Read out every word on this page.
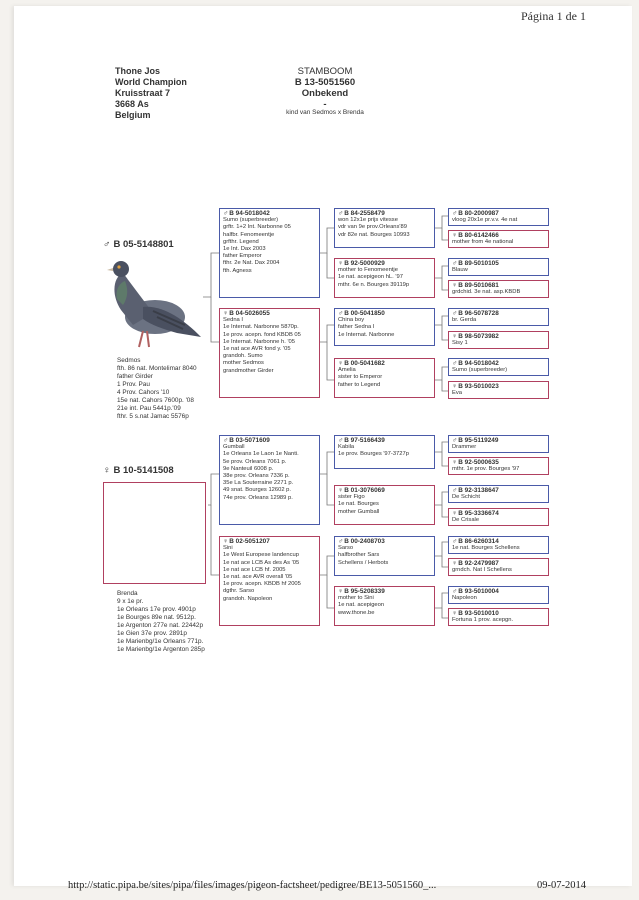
Página 1 de 1
Thone Jos
World Champion
Kruisstraat 7
3668 As
Belgium
STAMBOOM
B 13-5051560
Onbekend
-
kind van Sedmos x Brenda
♂ B 05-5148801
Sedmos
fth. 86 nat. Montelimar 8040
father Girder
1 Prov. Pau
4 Prov. Cahors '10
15e nat. Cahors 7600p. '08
21e int. Pau 5441p.'09
fthr. 5 s.nat Jamac 5576p
♀ B 10-5141508
Brenda
9 x 1e pr.
1e Orleans 17e prov. 4901p
1e Bourges 89e nat. 9512p.
1e Argenton 277e nat. 22442p
1e Gien 37e prov. 2891p
1e Marienbg/1e Orleans 771p.
1e Marienbg/1e Argenton 285p
♂B 94-5018042
Sumo (superbreeder)
grftr. 1+2 Int. Narbonne 05
halfbr. Fenomeentje
grfthr. Legend
1e Int. Dax 2003
father Emperor
fthr. 2e Nat. Dax 2004
fth. Agness
♀B 04-5026055
Sedna I
1e Internat. Narbonne 5870p.
1e prov. acepn. fond KBDB 05
1e Internat. Narbonne h. '05
1e nat ace AVR fond y. '05
grandoh. Sumo
mother Sedmos
grandmother Girder
♂B 03-5071609
Gumball
1e Orleans 1e Laon 1e Nanti.
5e prov. Orleans 7061 p.
9e Nanteuil 6008 p.
38e prov. Orleans 7336 p.
35e La Souterraine 2271 p.
49 snat. Bourges 12602 p.
74e prov. Orleans 12989 p.
♀B 02-5051207
Sini
1e West Europese landencup
1e nat ace LCB As des As '05
1e nat ace LCB hf. 2005
1e nat. ace AVR overall '05
1e prov. acepn. KBDB hf 2005
dgthr. Sarso
grandoh. Napoleon
♂B 84-2558479
won 12x1e prijs vitesse
vdr van 9e prov.Orleans'89
vdr 82e nat. Bourges 10993
♀B 92-5000929
mother to Fenomeentje
1e nat. acepigeon hL. '97
mthr. 6e n. Bourges 39119p
♂B 00-5041850
China boy
father Sedna I
1e Internat. Narbonne
♀B 00-5041682
Amelia
sister to Emperor
father to Legend
♂B 97-5166439
Kabila
1e prov. Bourges '97-3727p
♀B 01-3076069
sister Figo
1e nat. Bourges
mother Gumball
♂B 00-2408703
Sarso
halfbrother Sars
Schellens / Herbots
♀B 95-5208339
mother to Sini
1e nat. acepigeon
www.thone.be
♂B 80-2000987
vloog 20x1e pr.v.v. 4e nat
♀B 80-6142466
mother from 4e national
♂B 89-5010105
Blauw
♀B 89-5010681
grdchid. 3e nat. asp.KBDB
♂B 96-5078728
br. Gerda
♀B 98-5073982
Sisy 1
♂B 94-5018042
Sumo (superbreeder)
♀B 93-5010023
Eva
♂B 95-5119249
Drammer
♀B 92-5000635
mthr. 1e prov. Bourges '97
♂B 92-3138647
De Schicht
♀B 95-3336674
De Crisale
♂B 86-6260314
1e nat. Bourges Schellens
♀B 92-2479987
grndch. Nat I Schellens
♂B 93-5010004
Napoleon
♀B 93-5010010
Fortuna 1 prov. acepgn.
http://static.pipa.be/sites/pipa/files/images/pigeon-factsheet/pedigree/BE13-5051560_...	09-07-2014
